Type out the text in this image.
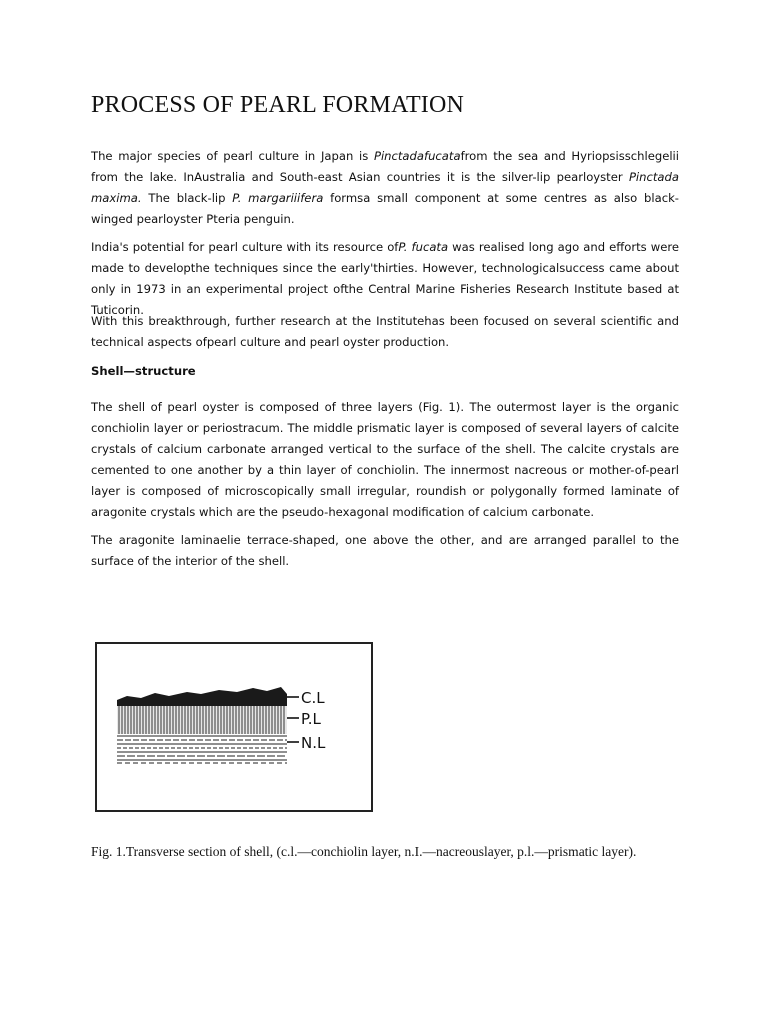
PROCESS OF PEARL FORMATION

The major species of pearl culture in Japan is Pinctadafucatafrom the sea and Hyriopsisschlegelii from the lake. InAustralia and South-east Asian countries it is the silver-lip pearloyster Pinctada maxima. The black-lip P. margariiifera formsa small component at some centres as also black-winged pearloyster Pteria penguin.

India's potential for pearl culture with its resource ofP. fucata was realised long ago and efforts were made to developthe techniques since the early'thirties. However, technologicalsuccess came about only in 1973 in an experimental project ofthe Central Marine Fisheries Research Institute based at Tuticorin.

With this breakthrough, further research at the Institutehas been focused on several scientific and technical aspects ofpearl culture and pearl oyster production.

Shell—structure

The shell of pearl oyster is composed of three layers (Fig. 1). The outermost layer is the organic conchiolin layer or periostracum. The middle prismatic layer is composed of several layers of calcite crystals of calcium carbonate arranged vertical to the surface of the shell. The calcite crystals are cemented to one another by a thin layer of conchiolin. The innermost nacreous or mother-of-pearl layer is composed of microscopically small irregular, roundish or polygonally formed laminate of aragonite crystals which are the pseudo-hexagonal modification of calcium carbonate.

The aragonite laminaelie terrace-shaped, one above the other, and are arranged parallel to the surface of the interior of the shell.

C.L
P.L
N.L
Fig. 1.Transverse section of shell, (c.l.—conchiolin layer, n.I.—nacreouslayer, p.l.—prismatic layer).
